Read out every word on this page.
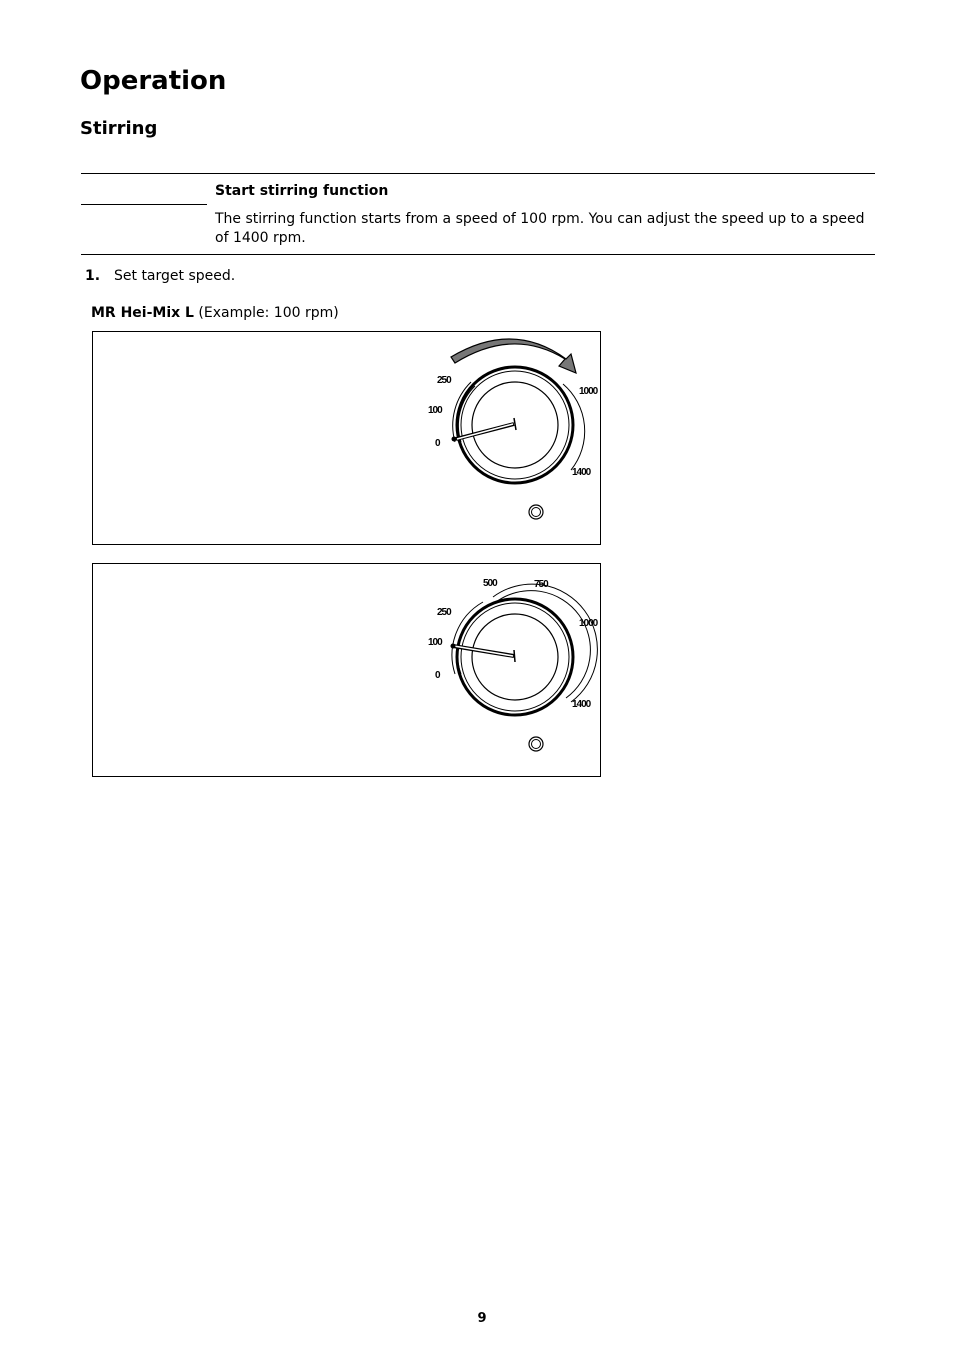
Operation
Stirring
Start stirring function
The stirring function starts from a speed of 100 rpm. You can adjust the speed up to a speed of 1400 rpm.
1. Set target speed.
MR Hei-Mix L (Example: 100 rpm)
0
100
250
1000
1400
0
100
250
500	750
1000
1400
9
